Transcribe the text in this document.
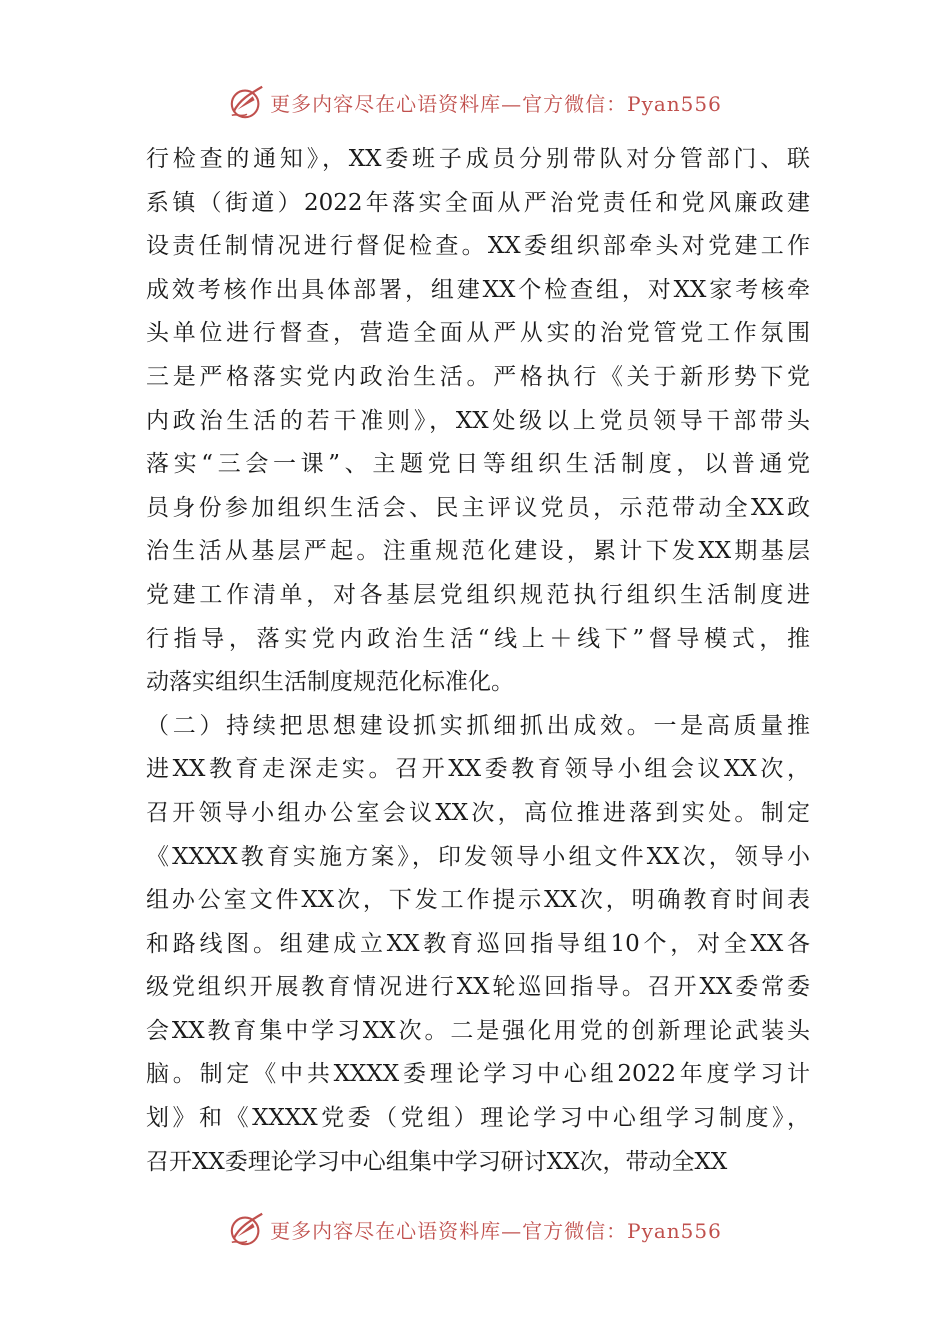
更多内容尽在心语资料库—官方微信：Pyan556
行检查的通知》，XX委班子成员分别带队对分管部门、联
系镇（街道）2022年落实全面从严治党责任和党风廉政建
设责任制情况进行督促检查。XX委组织部牵头对党建工作
成效考核作出具体部署，组建XX个检查组，对XX家考核牵
头单位进行督查，营造全面从严从实的治党管党工作氛围
三是严格落实党内政治生活。严格执行《关于新形势下党
内政治生活的若干准则》，XX处级以上党员领导干部带头
落实“三会一课”、主题党日等组织生活制度，以普通党
员身份参加组织生活会、民主评议党员，示范带动全XX政
治生活从基层严起。注重规范化建设，累计下发XX期基层
党建工作清单，对各基层党组织规范执行组织生活制度进
行指导，落实党内政治生活“线上＋线下”督导模式，推
动落实组织生活制度规范化标准化。
（二）持续把思想建设抓实抓细抓出成效。一是高质量推
进XX教育走深走实。召开XX委教育领导小组会议XX次，
召开领导小组办公室会议XX次，高位推进落到实处。制定
《XXXX教育实施方案》，印发领导小组文件XX次，领导小
组办公室文件XX次，下发工作提示XX次，明确教育时间表
和路线图。组建成立XX教育巡回指导组10个，对全XX各
级党组织开展教育情况进行XX轮巡回指导。召开XX委常委
会XX教育集中学习XX次。二是强化用党的创新理论武装头
脑。制定《中共XXXX委理论学习中心组2022年度学习计
划》和《XXXX党委（党组）理论学习中心组学习制度》，
召开XX委理论学习中心组集中学习研讨XX次，带动全XX
更多内容尽在心语资料库—官方微信：Pyan556
